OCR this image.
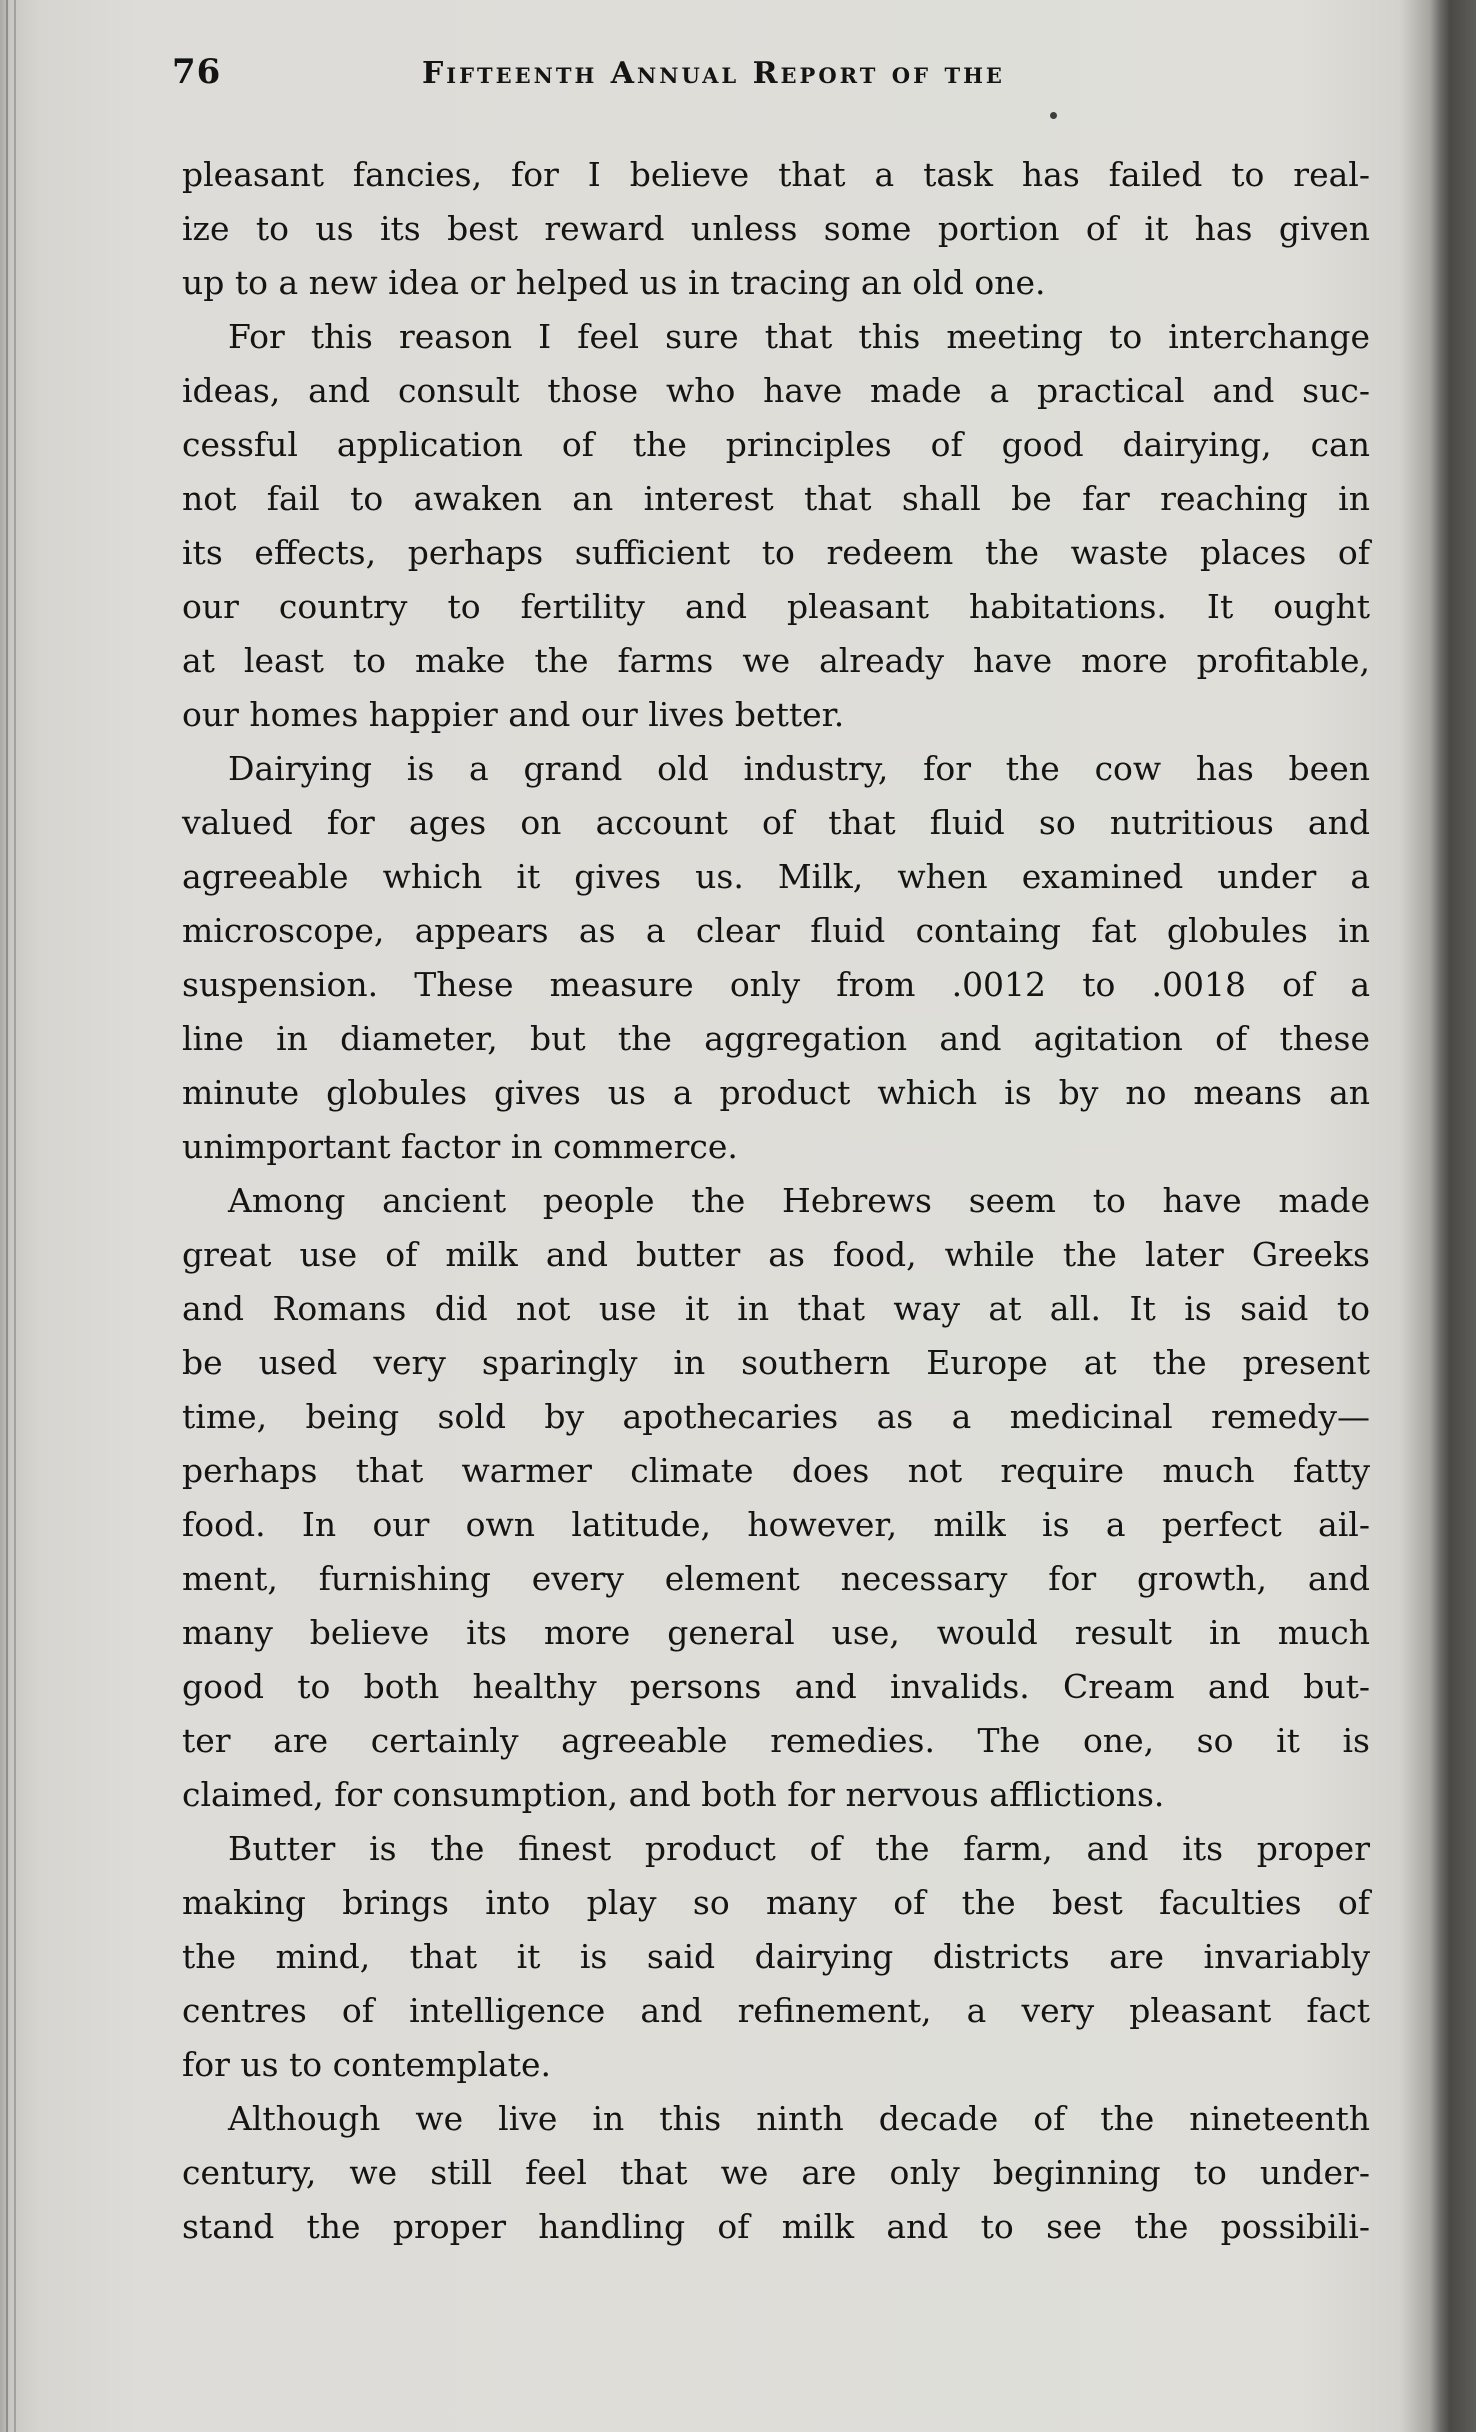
76	Fifteenth Annual Report of the
pleasant fancies, for I believe that a task has failed to real-
ize to us its best reward unless some portion of it has given
up to a new idea or helped us in tracing an old one.
For this reason I feel sure that this meeting to interchange
ideas, and consult those who have made a practical and suc-
cessful application of the principles of good dairying, can
not fail to awaken an interest that shall be far reaching in
its effects, perhaps sufficient to redeem the waste places of
our country to fertility and pleasant habitations. It ought
at least to make the farms we already have more profitable,
our homes happier and our lives better.
Dairying is a grand old industry, for the cow has been
valued for ages on account of that fluid so nutritious and
agreeable which it gives us. Milk, when examined under a
microscope, appears as a clear fluid containg fat globules in
suspension. These measure only from .0012 to .0018 of a
line in diameter, but the aggregation and agitation of these
minute globules gives us a product which is by no means an
unimportant factor in commerce.
Among ancient people the Hebrews seem to have made
great use of milk and butter as food, while the later Greeks
and Romans did not use it in that way at all. It is said to
be used very sparingly in southern Europe at the present
time, being sold by apothecaries as a medicinal remedy—
perhaps that warmer climate does not require much fatty
food. In our own latitude, however, milk is a perfect ail-
ment, furnishing every element necessary for growth, and
many believe its more general use, would result in much
good to both healthy persons and invalids. Cream and but-
ter are certainly agreeable remedies. The one, so it is
claimed, for consumption, and both for nervous afflictions.
Butter is the finest product of the farm, and its proper
making brings into play so many of the best faculties of
the mind, that it is said dairying districts are invariably
centres of intelligence and refinement, a very pleasant fact
for us to contemplate.
Although we live in this ninth decade of the nineteenth
century, we still feel that we are only beginning to under-
stand the proper handling of milk and to see the possibili-
